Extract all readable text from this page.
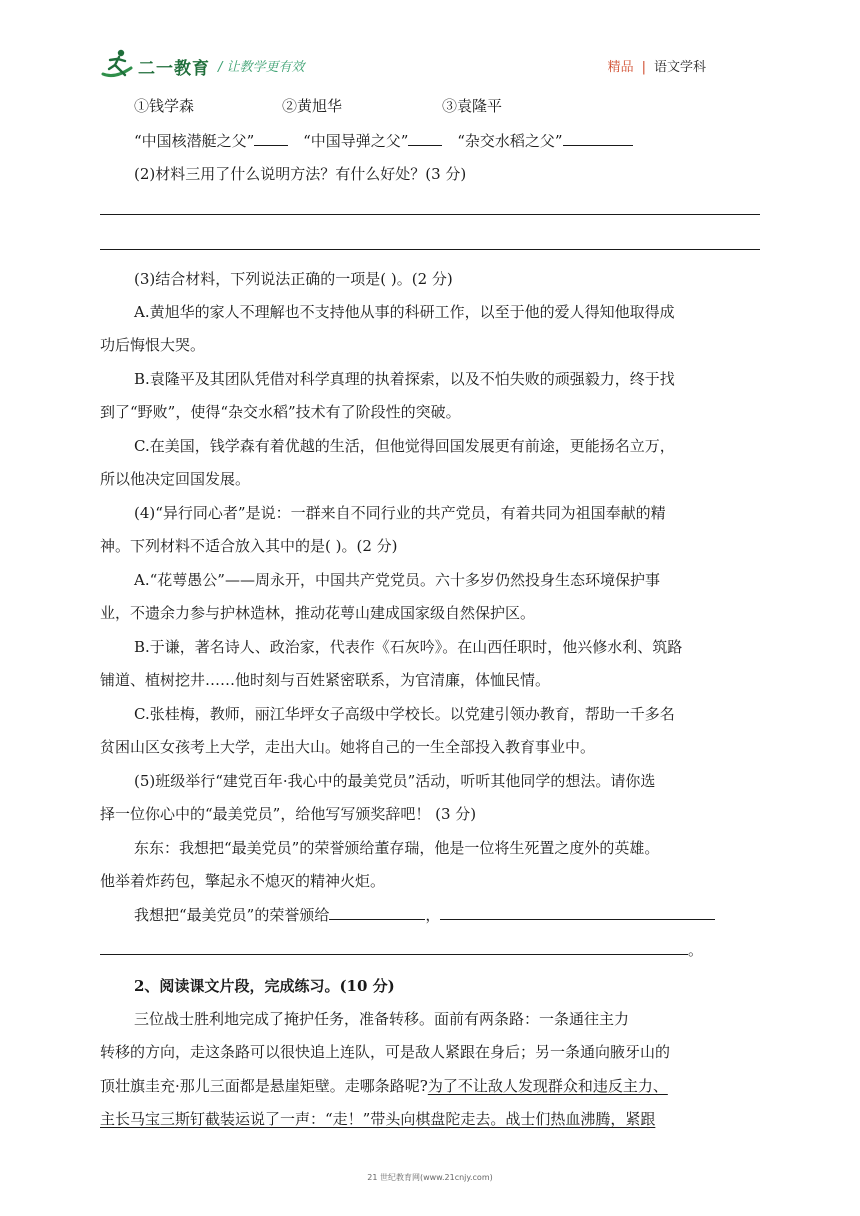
二一教育 / 让教学更有效	精品 | 语文学科
①钱学森	②黄旭华	③袁隆平
“中国核潜艇之父”	“中国导弹之父”	“杂交水稻之父”
(2)材料三用了什么说明方法？有什么好处？(3 分)
(3)结合材料，下列说法正确的一项是( )。(2 分)
A.黄旭华的家人不理解也不支持他从事的科研工作，以至于他的爱人得知他取得成
功后悔恨大哭。
B.袁隆平及其团队凭借对科学真理的执着探索，以及不怕失败的顽强毅力，终于找
到了“野败”，使得“杂交水稻”技术有了阶段性的突破。
C.在美国，钱学森有着优越的生活，但他觉得回国发展更有前途，更能扬名立万，
所以他决定回国发展。
(4)“异行同心者”是说：一群来自不同行业的共产党员，有着共同为祖国奉献的精
神。下列材料不适合放入其中的是( )。(2 分)
A.“花萼愚公”——周永开，中国共产党党员。六十多岁仍然投身生态环境保护事
业，不遗余力参与护林造林，推动花萼山建成国家级自然保护区。
B.于谦，著名诗人、政治家，代表作《石灰吟》。在山西任职时，他兴修水利、筑路
铺道、植树挖井……他时刻与百姓紧密联系，为官清廉，体恤民情。
C.张桂梅，教师，丽江华坪女子高级中学校长。以党建引领办教育，帮助一千多名
贫困山区女孩考上大学，走出大山。她将自己的一生全部投入教育事业中。
(5)班级举行“建党百年·我心中的最美党员”活动，听听其他同学的想法。请你选
择一位你心中的“最美党员”，给他写写颁奖辞吧！ (3 分)
东东：我想把“最美党员”的荣誉颁给董存瑞，他是一位将生死置之度外的英雄。
他举着炸药包，擎起永不熄灭的精神火炬。
我想把“最美党员”的荣誉颁给	，
。
2、阅读课文片段，完成练习。(10 分)
三位战士胜利地完成了掩护任务，准备转移。面前有两条路：一条通往主力
转移的方向，走这条路可以很快追上连队，可是敌人紧跟在身后；另一条通向腋牙山的
顶壮旗圭充·那儿三面都是悬崖矩壁。走哪条路呢?为了不让敌人发现群众和违反主力、
主长马宝三斯钉截装运说了一声：“走！”带头向棋盘陀走去。战士们热血沸腾，紧跟
21 世纪教育网(www.21cnjy.com)
